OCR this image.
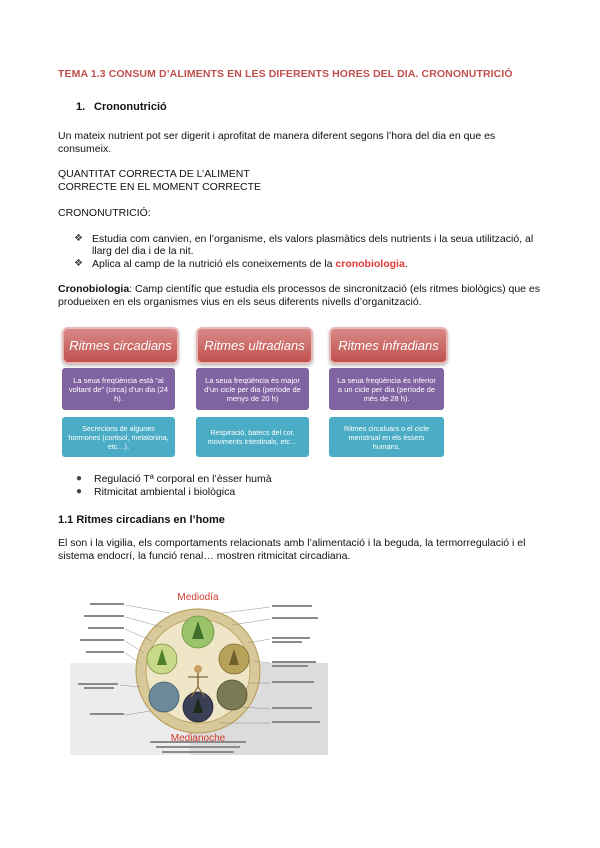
TEMA 1.3 CONSUM D’ALIMENTS EN LES DIFERENTS HORES DEL DIA. CRONONUTRICIÓ
1. Crononutrició
Un mateix nutrient pot ser digerit i aprofitat de manera diferent segons l’hora del dia en que es consumeix.
QUANTITAT CORRECTA DE L’ALIMENT
CORRECTE EN EL MOMENT CORRECTE
CRONONUTRICIÓ:
❖ Estudia com canvien, en l’organisme, els valors plasmàtics dels nutrients i la seua utilització, al llarg del dia i de la nit.
❖ Aplica al camp de la nutrició els coneixements de la cronobiologia.
Cronobiologia: Camp científic que estudia els processos de sincronització (els ritmes biològics) que es produeixen en els organismes vius en els seus diferents nivells d’organització.
Ritmes circadians	Ritmes ultradians	Ritmes infradians
La seua freqüència està “al voltant de” (circa) d’un dia (24 h).
La seua freqüència és major d’un cicle per dia (període de menys de 20 h)
La seua freqüència és inferior a un cicle per dia (període de més de 28 h).
Secrecions de algunes hormones (cortisol, melatonina, etc…).
Respiració, batecs del cor, moviments intestinals, etc…
Ritmes circaluars o el cicle menstrual en els éssers humans.
●	Regulació Tª corporal en l’èsser humà
●	Ritmicitat ambiental i biològica
1.1 Ritmes circadians en l’home
El son i la vigilia, els comportaments relacionats amb l’alimentació i la beguda, la termorregulació i el sistema endocrí, la funció renal… mostren ritmicitat circadiana.
Mediodía
Medianoche
